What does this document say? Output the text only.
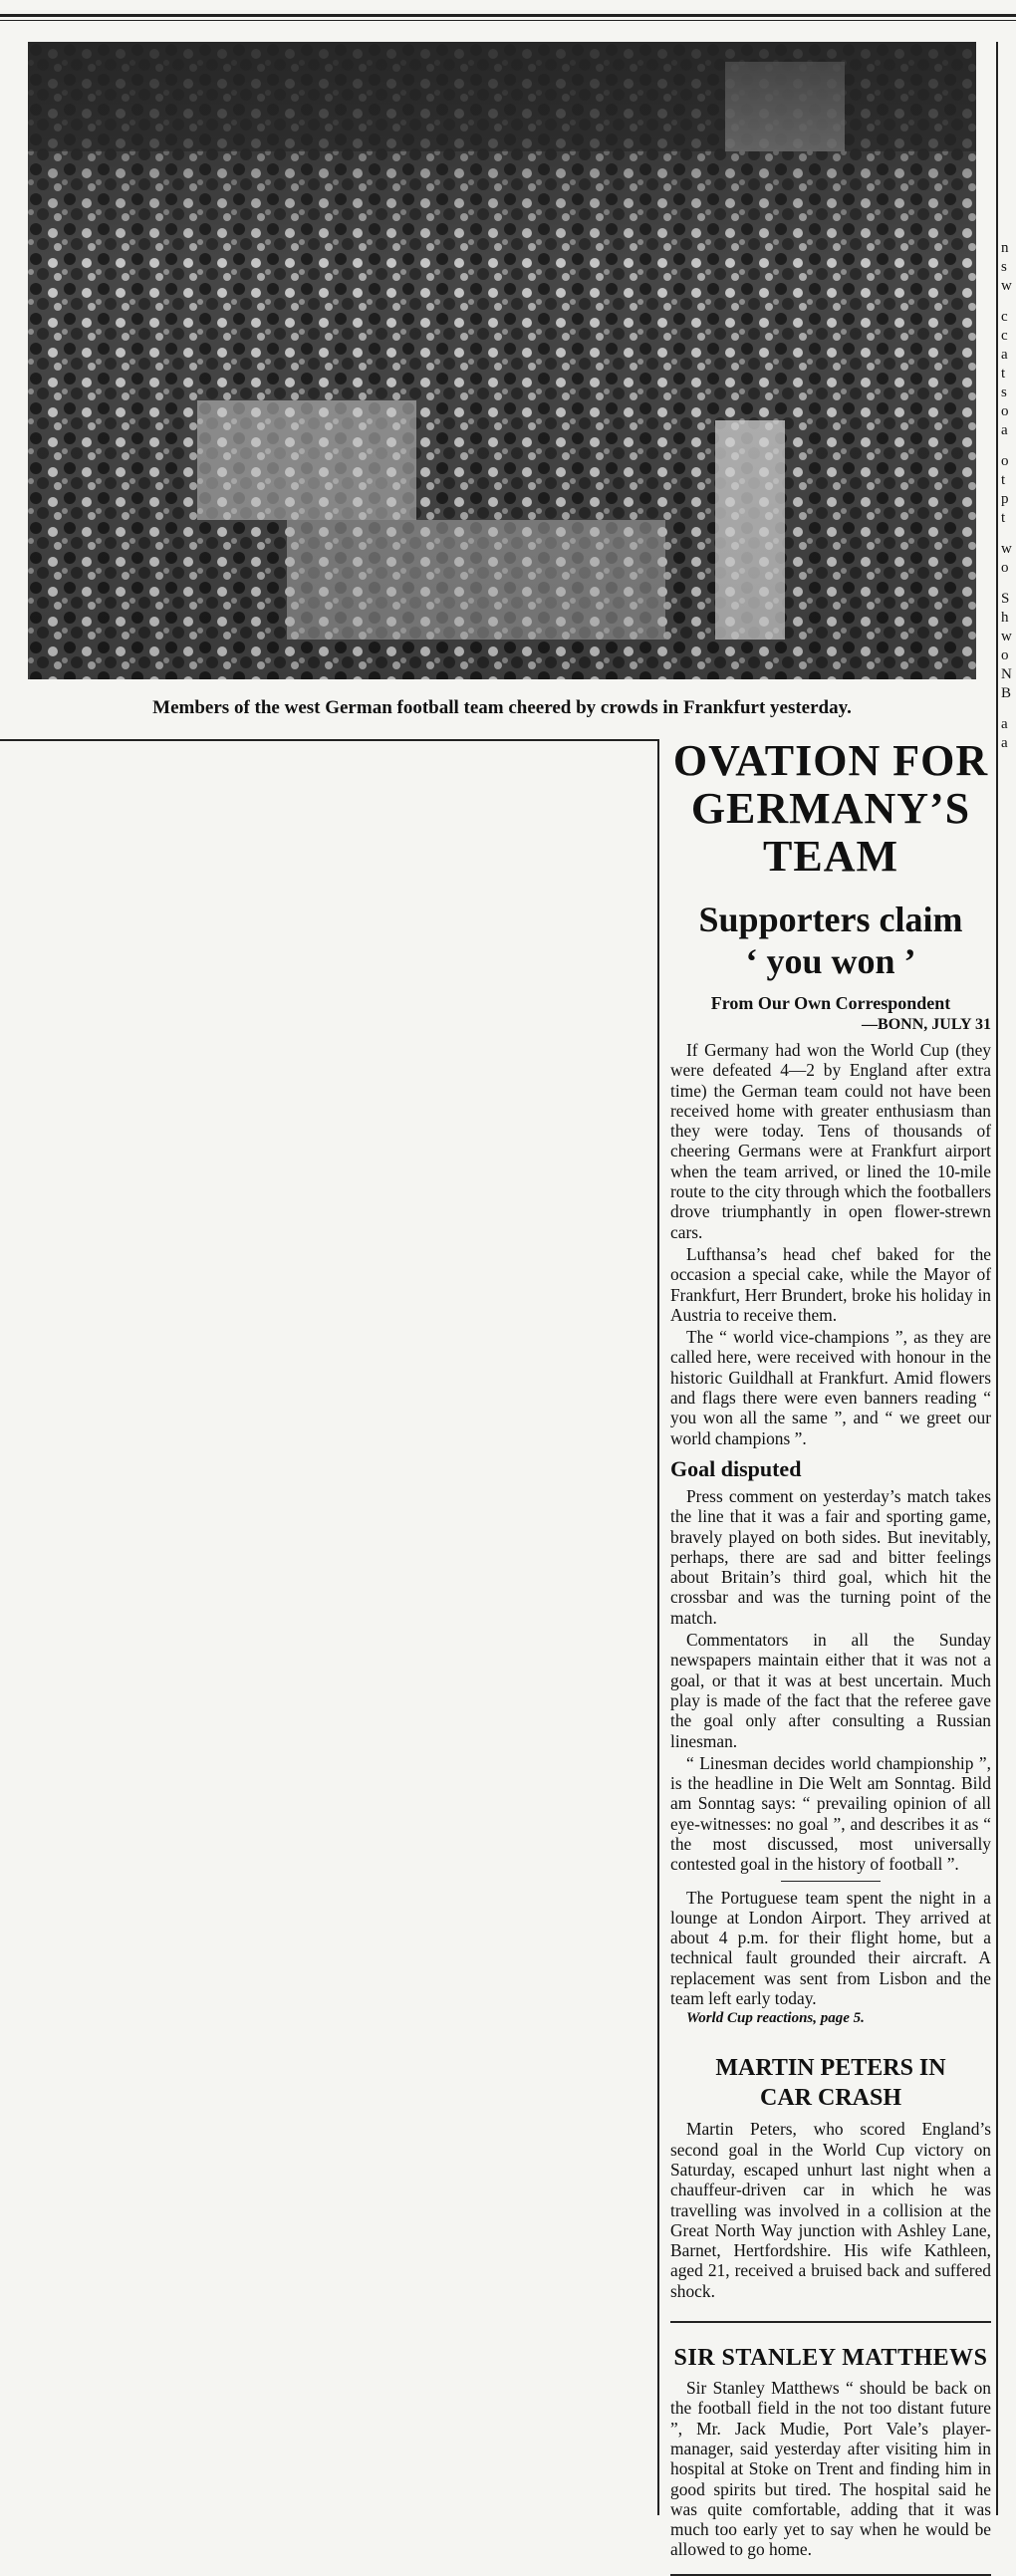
Members of the west German football team cheered by crowds in Frankfurt yesterday.
OVATION FOR
GERMANY’S
TEAM
Supporters claim
‘ you won ’
From Our Own Correspondent
—BONN, JULY 31

If Germany had won the World Cup (they were defeated 4—2 by England after extra time) the German team could not have been received home with greater enthusiasm than they were today. Tens of thousands of cheering Germans were at Frankfurt airport when the team arrived, or lined the 10-mile route to the city through which the footballers drove triumphantly in open flower-strewn cars.

Lufthansa’s head chef baked for the occasion a special cake, while the Mayor of Frankfurt, Herr Brundert, broke his holiday in Austria to receive them.

The “ world vice-champions ”, as they are called here, were received with honour in the historic Guildhall at Frankfurt. Amid flowers and flags there were even banners reading “ you won all the same ”, and “ we greet our world champions ”.

Goal disputed

Press comment on yesterday’s match takes the line that it was a fair and sporting game, bravely played on both sides. But inevitably, perhaps, there are sad and bitter feelings about Britain’s third goal, which hit the crossbar and was the turning point of the match.

Commentators in all the Sunday newspapers maintain either that it was not a goal, or that it was at best uncertain. Much play is made of the fact that the referee gave the goal only after consulting a Russian linesman.

“ Linesman decides world championship ”, is the headline in Die Welt am Sonntag. Bild am Sonntag says: “ prevailing opinion of all eye-witnesses: no goal ”, and describes it as “ the most discussed, most universally contested goal in the history of football ”.

The Portuguese team spent the night in a lounge at London Airport. They arrived at about 4 p.m. for their flight home, but a technical fault grounded their aircraft. A replacement was sent from Lisbon and the team left early today.

World Cup reactions, page 5.
MARTIN PETERS IN
CAR CRASH

Martin Peters, who scored England’s second goal in the World Cup victory on Saturday, escaped unhurt last night when a chauffeur-driven car in which he was travelling was involved in a collision at the Great North Way junction with Ashley Lane, Barnet, Hertfordshire. His wife Kathleen, aged 21, received a bruised back and suffered shock.

SIR STANLEY MATTHEWS

Sir Stanley Matthews “ should be back on the football field in the not too distant future ”, Mr. Jack Mudie, Port Vale’s player-manager, said yesterday after visiting him in hospital at Stoke on Trent and finding him in good spirits but tired. The hospital said he was quite comfortable, adding that it was much too early yet to say when he would be allowed to go home.

n
s
w
c
c
a
t
s
o
a
o
t
p
t
w
o
S
h
w
o
N
B
a
a
